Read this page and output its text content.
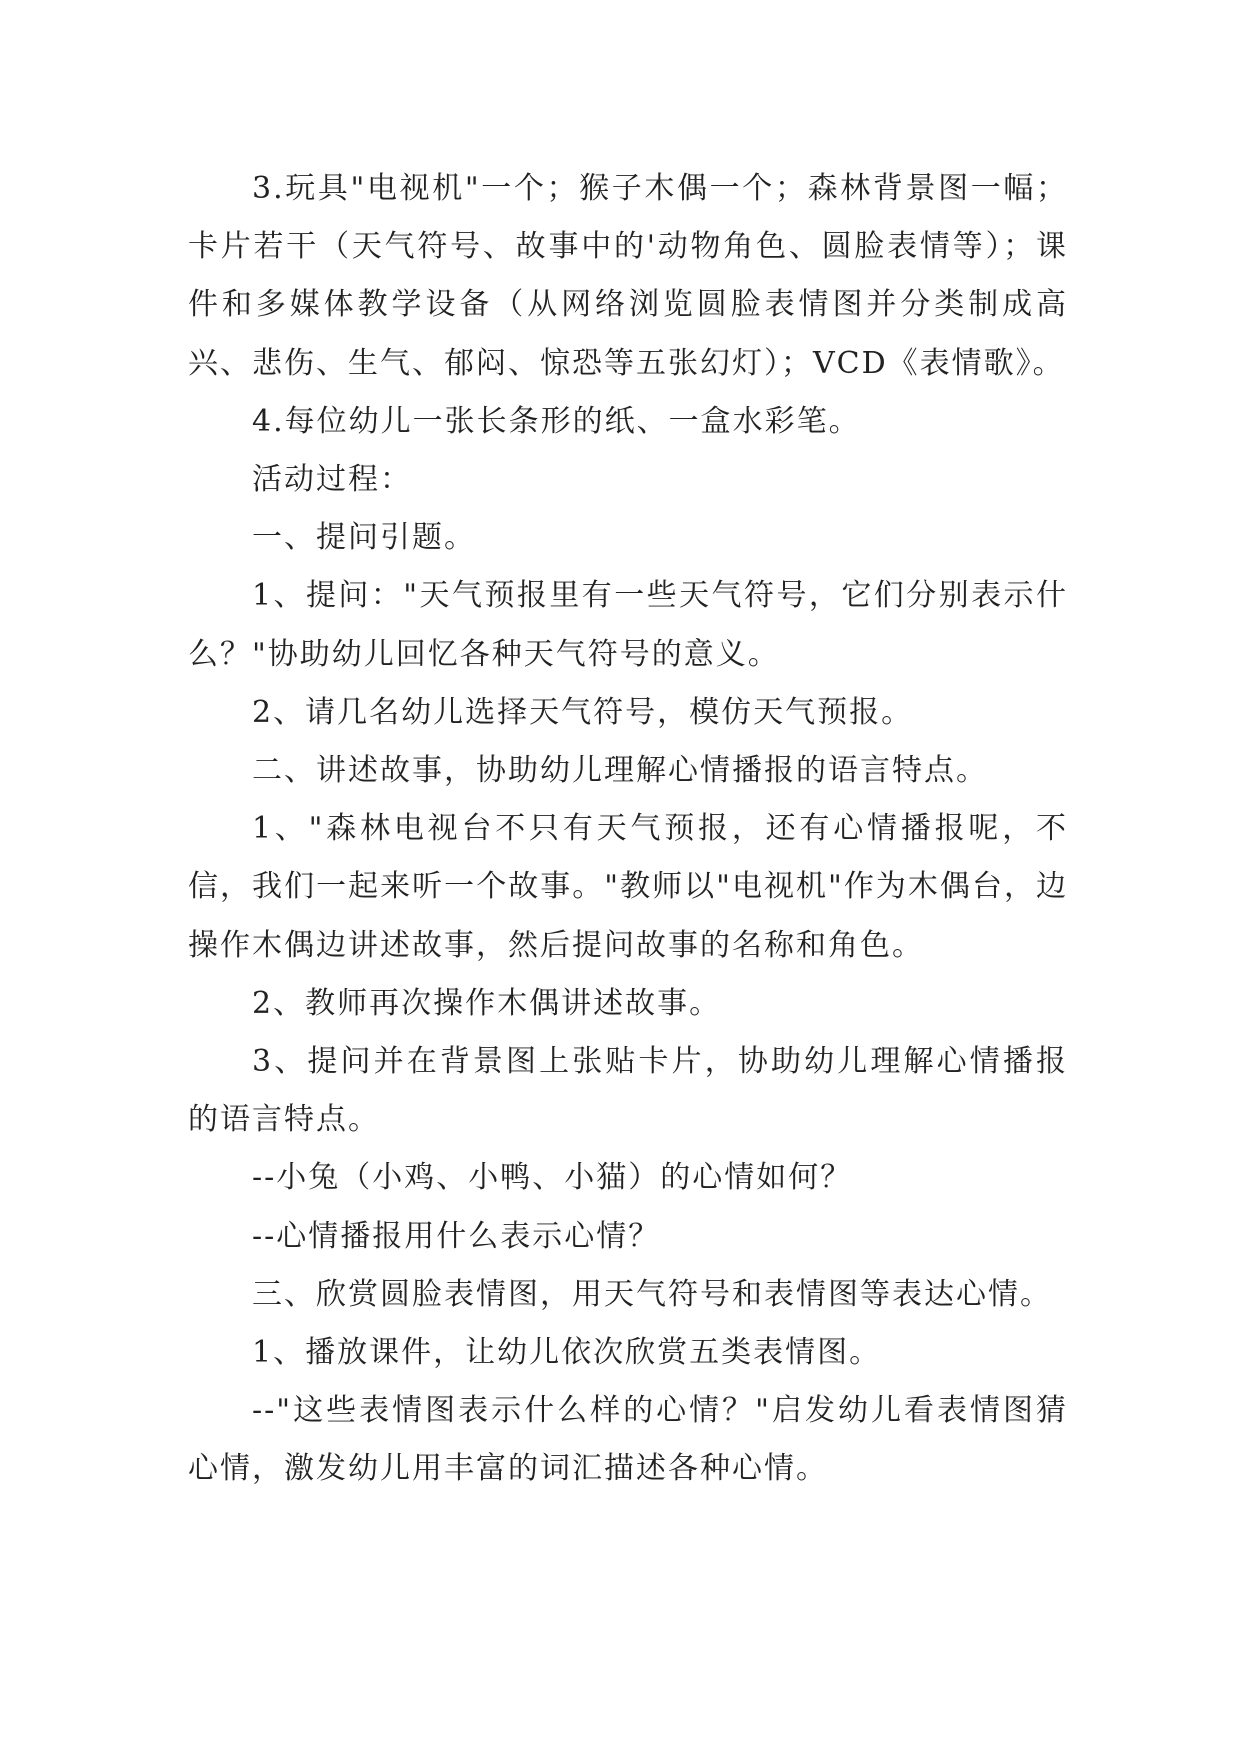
3.玩具"电视机"一个；猴子木偶一个；森林背景图一幅；卡片若干（天气符号、故事中的'动物角色、圆脸表情等）；课件和多媒体教学设备（从网络浏览圆脸表情图并分类制成高兴、悲伤、生气、郁闷、惊恐等五张幻灯）；VCD《表情歌》。

4.每位幼儿一张长条形的纸、一盒水彩笔。

活动过程：

一、提问引题。

1、提问："天气预报里有一些天气符号，它们分别表示什么？"协助幼儿回忆各种天气符号的意义。

2、请几名幼儿选择天气符号，模仿天气预报。

二、讲述故事，协助幼儿理解心情播报的语言特点。

1、"森林电视台不只有天气预报，还有心情播报呢，不信，我们一起来听一个故事。"教师以"电视机"作为木偶台，边操作木偶边讲述故事，然后提问故事的名称和角色。

2、教师再次操作木偶讲述故事。

3、提问并在背景图上张贴卡片，协助幼儿理解心情播报的语言特点。

--小兔（小鸡、小鸭、小猫）的心情如何？

--心情播报用什么表示心情？

三、欣赏圆脸表情图，用天气符号和表情图等表达心情。

1、播放课件，让幼儿依次欣赏五类表情图。

--"这些表情图表示什么样的心情？"启发幼儿看表情图猜心情，激发幼儿用丰富的词汇描述各种心情。
